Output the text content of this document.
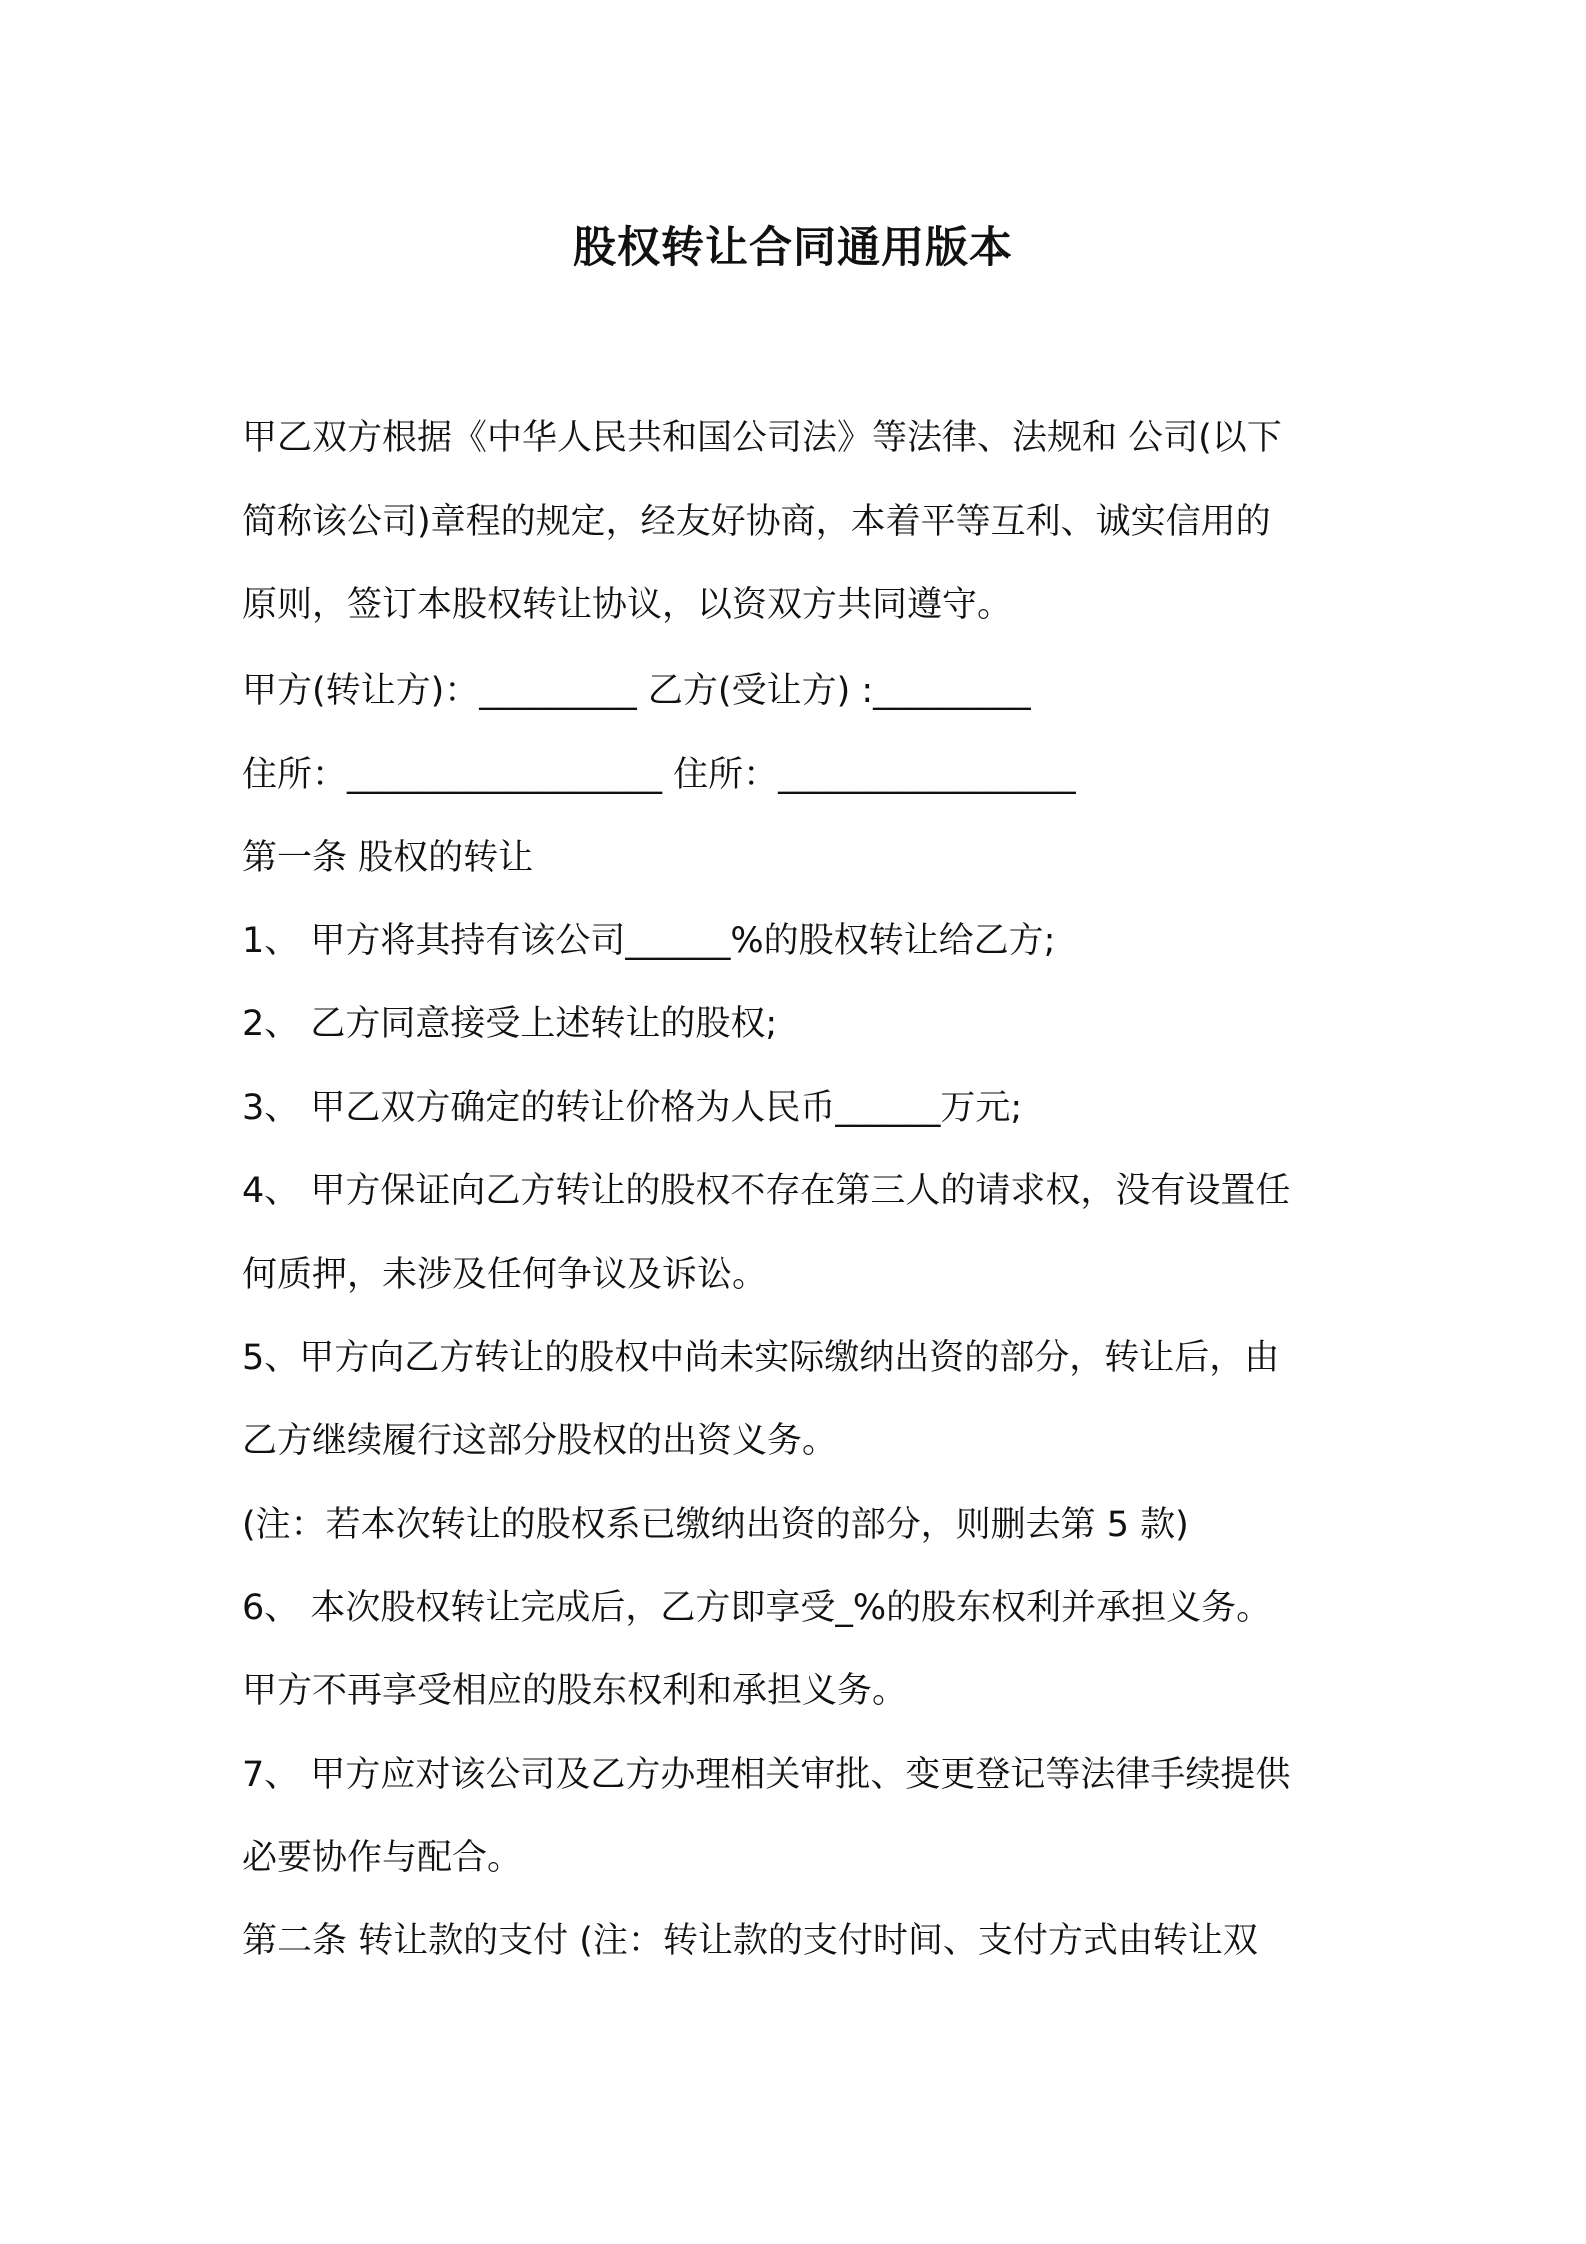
股权转让合同通用版本
甲乙双方根据《中华人民共和国公司法》等法律、法规和 公司(以下
简称该公司)章程的规定，经友好协商，本着平等互利、诚实信用的
原则，签订本股权转让协议，以资双方共同遵守。
甲方(转让方)：_________ 乙方(受让方) :_________
住所：__________________ 住所：_________________
第一条 股权的转让
1、 甲方将其持有该公司______%的股权转让给乙方;
2、 乙方同意接受上述转让的股权;
3、 甲乙双方确定的转让价格为人民币______万元;
4、 甲方保证向乙方转让的股权不存在第三人的请求权，没有设置任
何质押，未涉及任何争议及诉讼。
5、甲方向乙方转让的股权中尚未实际缴纳出资的部分，转让后，由
乙方继续履行这部分股权的出资义务。
(注：若本次转让的股权系已缴纳出资的部分，则删去第 5 款)
6、 本次股权转让完成后，乙方即享受_%的股东权利并承担义务。
甲方不再享受相应的股东权利和承担义务。
7、 甲方应对该公司及乙方办理相关审批、变更登记等法律手续提供
必要协作与配合。
第二条 转让款的支付 (注：转让款的支付时间、支付方式由转让双
